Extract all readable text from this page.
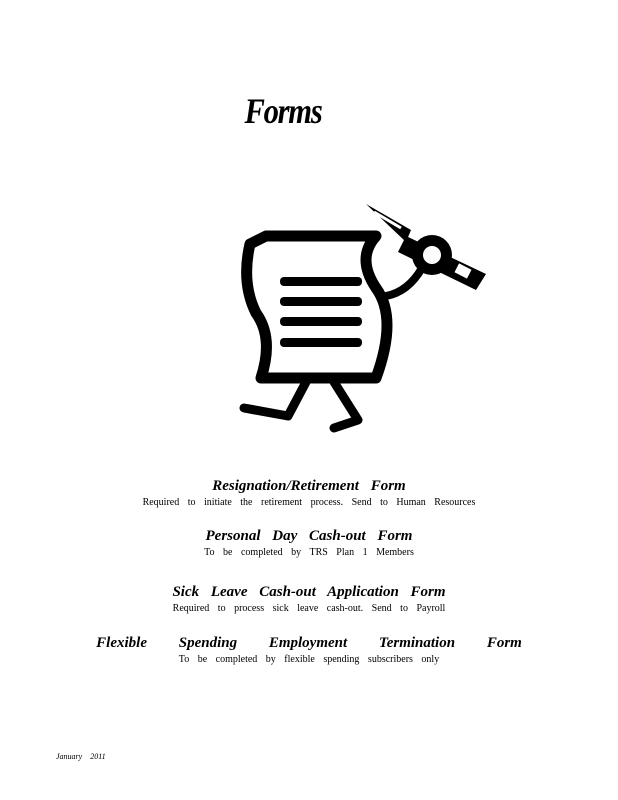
Forms
Resignation/Retirement Form
Required to initiate the retirement process. Send to Human Resources
Personal Day Cash-out Form
To be completed by TRS Plan 1 Members
Sick Leave Cash-out Application Form
Required to process sick leave cash-out. Send to Payroll
Flexible Spending Employment Termination Form
To be completed by flexible spending subscribers only
January 2011
